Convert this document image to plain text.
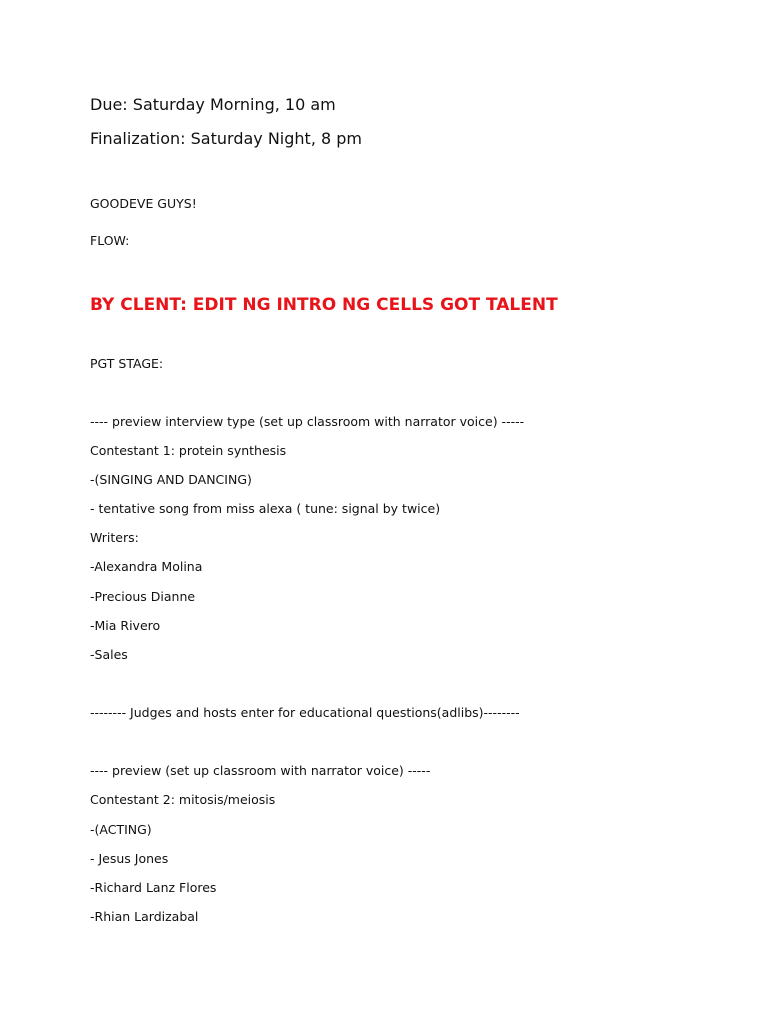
Due: Saturday Morning, 10 am
Finalization: Saturday Night, 8 pm
GOODEVE GUYS!
FLOW:
BY CLENT: EDIT NG INTRO NG CELLS GOT TALENT
PGT STAGE:
---- preview interview type (set up classroom with narrator voice) -----
Contestant 1: protein synthesis
-(SINGING AND DANCING)
- tentative song from miss alexa ( tune: signal by twice)
Writers:
-Alexandra Molina
-Precious Dianne
-Mia Rivero
-Sales
-------- Judges and hosts enter for educational questions(adlibs)--------
---- preview (set up classroom with narrator voice) -----
Contestant 2: mitosis/meiosis
-(ACTING)
- Jesus Jones
-Richard Lanz Flores
-Rhian Lardizabal
